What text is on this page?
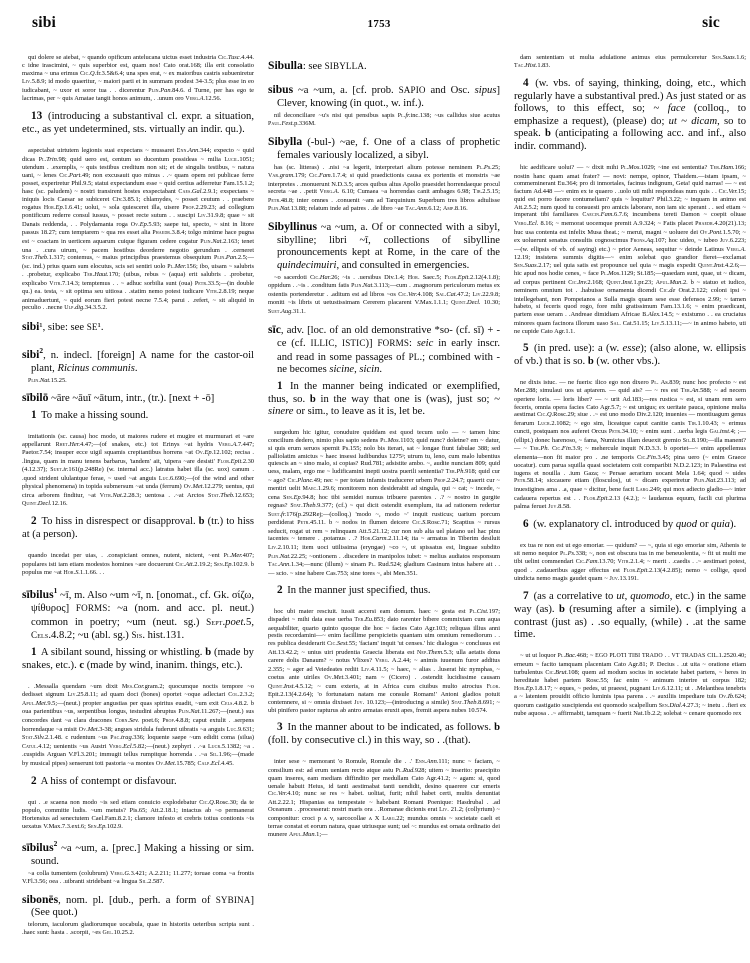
sibi	1753	sic

qui dolere se aiebat, ~ quando opificum antelucana uictus esset industria Cic.Tusc.4.44. c idne irascimini, ~ quis superbior est, quam nos! Cato orat.168; illa erit consolatio maxima ~ una erimus Cic.Q.fr.3.5&6.4; una spes erat, ~ ex maioribus castris subueniretur Liv.5.8.9; id modo quaeritur, ~ maiori parti et in summam prodest 34-3.5; plus esse in eo iudicabant, ~ uxor et soror tua . . dicerentur Plin.Pan.84.6. d Turne, per has ego te lacrimas, per ~ quis Amatae tangit honos animum, . .unum oro Verg.A.12.56.

13 (introducing a substantival cl. expr. a situation, etc., as yet undetermined, sts. virtually an indir. qu.).

aspectabat uirtutem legionis suai expectans ~ mussaret Enn.Ann.344; expecto ~ quid dicas Pl.Trin.98; quid uero est, centum so ducentum possideas ~ milia Lucil.1051; utendum . .exemplis, ~ quis testibus creditum non sit; et de singulis testibus, ~ natura uani, ~ lenes Cic.Part.49; non excusauit quo minus . .~ quam opem rei publicae ferre posset, experiretur Phil.9.5; statui expectandum esse ~ quid certius adferretur Fam.15.1.2; hasc (sc. paludem) ~ nostri transirent hostes exspectabant Caes.Gal.2.9.1; exspectans ~ iniquis locis Caesar se subiceret Civ.3.85.1; chlamydes, ~ posset ceutum . . praebere rogatus Hor.Ep.1.6.41; uolui, ~ sola quiesceret illa, uisere Prop.2.29.23; ad collegium pontificum rederre consul iussus, ~ posset recte sutum . . suscipi Liv.31.9.8; quae ~ sit Danais reddenda, . . Polydamanta roga Ov.Ep.5.93; saepe tui, specto, ~ sint in litore passus 18.27; cum temptarem ~ qua res esset alia Phaedr.3.8.4; tolgo minime hace pugna est ~ coactam in uerticem aquarum cuique figuram cedere cogatur Plin.Nat.2.163; tenet una . .cura uirum, ~ pacem hostibus deorderre negotio gerundum . .cerneret Stat.Theb.1.317; contemus, ~ maius principibus praestemus obsequium Plin.Pan.2.5;—(sc. ind.) prius quam sum elocutus, scis sei sentiri uolo Pl.Mer.156; ibo, uisam ~ salubris . .probetur, explicabo Ter.Haut.170; (uibus, rebus ~ (aqua) erit salubris . .probetur, explicabo Vitr.7.14.3; temptemus . . ~ adhuc sorbilia sunt (oua) Petr.33.5;—(in double qu.) ea. testa, ~ sit optima seu uitiosa . .statim nemo potest iudicare Vitr.2.8.19; neque animaduertunt, ~ quid eorum fieri potest necne 7.5.4; parui . .refert, ~ sit aliquid in peculio . .necne Ulp.dig.34.3.5.2.

sibi¹, sibe: see SE¹.

sibi$^2$, n. indecl. [foreign] A name for the castor-oil plant, Ricinus communis.

Plin.Nat.15.25.

sībilō ~āre ~āuī ~ātum, intr., (tr.). [next + -ō]

1 To make a hissing sound.

imitationis (sc. causa) hoc modo, ut maiores rudere et mugire et murmurari et ~are appellarunt Rhet.Her.4.47;—(of snakes, etc.) tot Erinys ~at hydris Verg.A.7.447; Paetor.7.54; insuper ecce uigil squamis crepitantibus horrens ~at Ov.Ep.12.102; recisa . .lingua, quam in manu tenens barbarus, 'tandem' ait, 'uipera ~are desisti' Flor.Epit.2.30 (4.12.37); Suet.ir.161(p.248Re) (w. internal acc.) latratus habet illa (sc. uox) canum . .quod strident ululantque ferae, ~ used ~at anguis Luc.6.690;—(of the wind and other physical phenomena) in topida submersum ~at unda (ferrum) Ov.Met.12.279; uentus, qui circa arborem finditur, ~at Vitr.Nat.2.28.3; uentosa . .~at Arctos Stat.Theb.12.653; Quint.Decl.12.16.

2 To hiss in disrespect or disapproval. b (tr.) to hiss at (a person).

quando incedat per uias, . .conspiciant omnes, nutent, nictent, ~ent Pl.Mer.407; populares isti iam etiam modestos homines ~are docuerunt Cic.Att.2.19.2; Sen.Ep.102.9. b populus me ~at Hor.S.1.1.66. . .

sībilus$^1$ ~ī, m. Also ~um ~ī, n. [onomat., cf. Gk. σίζω, ψίθυρος] FORMS: ~a (nom. and acc. pl. neut.) common in poetry; ~um (neut. sg.) Sept.poet.5, Cels.4.8.2; ~u (abl. sg.) Sis. hist.131.

1 A sibilant sound, hissing or whistling. b (made by snakes, etc.). c (made by wind, inanim. things, etc.).

. .Messalla quendam ~um dixit Mes.Cor.gram.2; quocumque noctis tempore ~o dedisset signum Liv.25.8.11; ad quam doci (bones) oportet ~oque adlectari Col.2.3.2; Apul.Met.9.5;—(neut.) propter angustias per quas spiritus euadit, ~um exit Cels.4.8.2. b oua parientibus ~us, serpentibus longus, testudini abruptus Plin.Nat.11.267;—(neut.) sus concordes dant ~a clara dracones Corn.Sev. poet.6; Prop.4.8.8; caput extulit . .serpens horrendaque ~a misit Ov.Met.3-38; angues stridula fuderunt uibratis ~a anguis Luc.9.631; Stat.Silv.2.1.48. c rudentum ~us Pac.trag.336; loquente saepe ~um edidit coma (silua) Catul.4.12; uenientis ~us Austri Verg.Ecl.5.82;—(neut.) zephyri . .~a Lucr.5.1382; ~a . .cuspidis Arguan V.Fl.3.201; immugit tellus rumpitque horrenda . .~a Sil.1.96;—(made by musical pipes) senserunt toti pastoria ~a montes Ov.Met.15.785; Calp.Ecl.4.45.

2 A hiss of contempt or disfavour.

qui . .e scaena non modo ~is sed etiam conuicio explodebatur Cic.Q.Rosc.30; da te populo, committe ludis. ~um metuis? Pis.65; Att.2.18.1; intactus ab ~o permanerat Hortensius ad senectutem Cael.Fam.8.2.1; clamore infesto et crebris totius contionis ~is uexatus V.Max.7.3.ext.6; Sen.Ep.102.9.

sībilus$^2$ ~a ~um, a. [prec.] Making a hissing or sim. sound.

~a colla tumentem (colubrum) Verg.G.3.421; A.2.211; 11.277; toruae coma ~a frontis V.Fl.3.56; oea . .uibranti stridebant ~a lingua Sil.2.587.

sibonēs, nom. pl. [dub., perh. a form of SYBINA] (See quot.)

telorum, iaculorum gladiorumque uocabula, quae in historiis ueteribus scripta sunt . .haec sunt: hasta . .scorpii, ~es Gel.10.25.2.

Sibulla: see SIBYLLA.

sibus ~a ~um, a. [cf. prob. SAPIO and Osc. sipus] Clever, knowing (in quot., w. inf.).

nil deconciliare ~u's nisi qui pensibus sapis Pl.fr.inc.138; ~us callidus siue acutus Paul.Fest.p.336M.

Sibylla (-bul-) ~ae, f. One of a class of prophetic females variously localized, a sibyl.

has (sc. litteras) . .nisi ~a legerit, interpretari alium potesse neminem Pl.Ps.25; Var.gram.179; Cic.Fam.1.7.4; si quid praedictionis causa ex portentis et monstris ~ae interpretes . .monuerunt N.D.3.5; arces quibus altus Apollo praesidet horrendaeque procul secreta ~ae . .petit Verg.A. 6.10; Cumaea ~a horrendas canit ambages 6.98; Tib.2.5.15; Petr.48.8; inter omnes . .conuenit ~am ad Tarquinium Superbum tres libros adtulisse Plin.Nat.13.88; relatum inde ad patres . .de libro ~ae Tac.Ann.6.12; Amp.8.16.

Sibyllinus ~a ~um, a. Of or connected with a sibyl, sibylline; libri ~ī, collections of sibylline pronouncements kept at Rome, in the care of the quindecimuiri, and consulted in emergencies.

~o sacerdoti Cic.Har.26; ~is . .uersibus Div.1.4; Hor. Saec.5; Flor.Epit.2.12(4.1.8); oppidum . .~is . .conditum fatis Plin.Nat.3.113;—cum . .magnorum periculorum metus ex ostentis portenderetur . .aditum est ad libros ~os Cic.Ver.4.108; Sal.Cat.47.2; Liv.22.9.8; moniti ~is libris ut uetustissimam Cererem placarent V.Max.1.1.1; Quint.Decl. 10.30; Suet.Aug.31.1.

sīc, adv. [loc. of an old demonstrative *so- (cf. sī) + -ce (cf. ILLIC, ISTIC)] FORMS: seic in early inscr. and read in some passages of PL.; combined with -ne becomes sicine, sicin.

1 In the manner being indicated or exemplified, thus, so. b in the way that one is (was), just so; ~ sinere or sim., to leave as it is, let be.

surgedum hic igitur, conuduire quiddam est quod tecum uolo — ~ tamen hinc concilium dedero, nimio plus sapio sedens Pl.Mos.1103; quid nunc? doletne? em ~ datur, si quis erum seruos spernit Ps.155; nolo bis iterari, sat ~ longae fiunt fabulae 388; sed palliolatim amictus ~ haec insessi ludibundus 1275ᵃ; utrum tu, leno, cum malo lubentius quiescis an ~ sino malo, si copias? Rud.781; adsistite ambo. ~, audite nunciam 809; quid uess, malam, ergo me ~ ludificamini inepti uostra puerili sententia? Ter.Ph.918; quid cur ~ ago? Cic.Planc.49; nec ~ per totam infamis traducerer urbem Prop.2.24.7; quaerit cur ~ mentiri uelit Maec.1.29.6; monitorem non desiderabit ad singula, qui ~ cat; ~ incede, ~ cena Sen.Ep.94.8; hoc tibi semidei numus tribuere parentes . .? ~ nostro in gurgite regnas? Stat.Theb.9.377; (cf.) ~ qui dicit ostendit exemplum, ita ad rationem redertur Suet.fr.176(p.292Rej;—(colloq.) 'modo ~, modo ~' inquit rusticus; uarium porcum perdiderat Petr.45.11. b ~ nodos in flumen deicere Cic.S.Rosc.71; Scaptius ~ rursus seducit, rogat ut rem ~ relinquam Att.5.21.12; cur non sub alta uel platano uel hac pinu iacentes ~ temere . .potamus . .? Hor.Carm.2.11.14; ita ~ armatus in Tiberim desiluit Liv.2.10.11; item uoci utilissima (eryngae) ~co ~, ut spissatus est, linguae subdito Plin.Nat.22.25; ~ontionem . .discedere in manipolos iubet: ~ melius audiatos responsum Tac.Ann.1.34;—nunc (illum) ~ sinam Pl. Rud.524; gladium Casinum intus habere ait . . — scio. ~ sine habere Cas.753; sine tores ~, abi Men.351.

2 In the manner just specified, thus.

hoc ubi mater resciuit. iussit accersi eam domum. haec ~ gesta est Pl.Cist.197; dispadet ~ mihi data esse uerba Ter.Eu.853; dato rarenter bibere commixtam cum aqua aequabiliter, quarto quinto quoque die hoc ~ facies Cato Agr.103; reliquas illius anni pestis recordamini—~ enim facillime perspicietis quantam uim omnium remediorum . . res publica desiderarit Cic.Sest.55; 'faciam' inquit 'ut censes.' hic dialogus ~ conclusus est Att.13.42.2; ~ unius uiri prudentia Graecia liberata est Nep.Them.5.3; ulla aetatis dona carere dolis Danaum? ~ notus Vlixes? Verg. A.2.44; ~ animis iuuenum furor additus 2.355; ~ ager ad Veiedeates rediit Liv.4.11.5; ~ haec, ~ alias . .luserat hic nymphas, ~ coetus ante uiriles Ov.Met.3.401; nam ~ (Cicero) . .ostendit lucidissime causam Quint.Inst.4.5.12; ~ cum exteris, at in Africa cum ciuibus multo atrocius Flor. Epit.2.13(4.2.64); 'o fortunatam natam me consule Romam!' Antoni gladios potuit contemnere, si ~ omnia dixisset Juv. 10.123;—(introducing a simile) Stat.Theb.8.691; ~ ubi pinifero pastor rapturus ab antro armatas eruxit apes, fremit aspera nubes 10.574.

3 In the manner about to be indicated, as follows. b (foll. by consecutive cl.) in this way, so . .(that).

inter sese ~ memorant 'o Romule, Romule die . .' Enn.Ann.111; nunc ~ faciam, ~ consilium est: ad erum ueniam recto atque astu Pl.Rud.928; uitem ~ inserito: praecipito quam inseres, eam mediam diffindito per medullam Cato Agr.41.2; ~ agam: si, quod uenale habuit Heius, id tanti aestimabat tanti uendidit, desino quaerere cur emeris Cic.Ver.4.10; nunc se res ~ habet. uolitat, furit; nihil habet certi, multis denuntiat Att.2.22.1; Hispanias ea tempestate ~ habebant Romani Poenique: Hasdrubal . .ad Oceanum . .processerat: nostri maris ora . .Romanae dicionis erat Liv. 21.2; (collyrium) ~ componitur: croci p ᴧ v, sarcocollae ᴧ X Larg.22; mundus omnis ~ societate caeli et terrae constat et eorum natura, quae utriusque sunt; uel ~: mundus est ornata ordinatio dei munere Apul.Mun.1;—

dam sententiam ut multa adulatione animus eius permulceretur Sen.Suas.1.6; Tac.Hist.1.83.

4 (w. vbs. of saying, thinking, doing, etc., which regularly have a substantival pred.) As just stated or as follows, to this effect, so; ~ face (colloq., to emphasize a request), (please) do; ut ~ dicam, so to speak. b (anticipating a following acc. and inf., also indir. command).

hic aedificare uolui? — ~ dixit mihi Pl.Mos.1029; ~ine est sententia? Ter.Ham.166; nostin hanc quam amat frater? — novi: nempe, opinor, Thaidem.—istam ipsam, ~ commeminerant Eu.364; pro di inmortales, facinus indignum, Geta! quid narras! — ~ est factum Ad.448 —~ enim ex te quaero . .uolo uti mihi respondeas num quis . . Cic.Ver.15; quid est porro facere contumeliam? quis ~ loquitur? Phil.3.22; ~ inquam in animo est Att.2.5.2; num quod tu consuesti pro amicis laborare, non iam sic sperant . . sed etiam ~ imperant tibi familiares Caecin.Fam.6.7.6; incumbens tereti Damon ~ coepit oliuae Verg.Ecl. 8.16; ~ memorat uocemque premit A.9.324; ~ Fatis placet Phaedr.4.20(21).13; huc usa contenta est infelix Musa theat.; ~ merui, magni ~ uoluere dei Ov.Pont.1.5.70; ~ ex uoluerunt senatus consultis cognoscimus Frons.Aq.107; hoc uideo, ~ iubeo Juv.6.223;—(w. ellipsis of vb. of saying) etc.) ~ prior Aeneas, sequitur ~ deinde Latinus Verg.A. 12.19; insistens summis digitis—~ enim solebat quo grandior fieret—exclamat Sen.Suas.2.17; uel quia satis est propounce uel quia ~ magis expedit Quint.Inst.4.2.6;—hic apud nos hodie cenes, ~ face Pl.Mos.1129; St.185;—quaedam sunt, quae, ut ~ dicam, ad corpus pertinent Cic.Inv.2.168; Quint.Inst.1.pr.23; Apul.Mun.2. b ~ statuo et iudico, neminem omnium tot . .habuisse ornamenta dicendi Cic.de Orat.2.122; coloni ipsi ~ intellegebant, non Pompeianos a Sulla magis quam sese esse defensos 2.99; ~ tamen habeto, si feceris quod rogo, fore mihi gratissimum Fam.13.1.6; ~ enim praedicant, partem esse ueram . .Andreae dimidiam Africae B.Alex.14.5; ~ existumo . . ea cruciatus minores quam facinora illorum uaso Sal. Cat.51.15; Liv.5.13.11;—~ in animo habeto, uti ne cupide Cato Agr.1.1.

5 (in pred. use): a (w. esse); (also alone, w. ellipsis of vb.) that is so. b (w. other vbs.).

ne dixis istuc. — ne fueris: ilico ego non dixero Pl. As.839; nunc hoc profecto ~ est Mer.288; simulaui uos ut aptarem. — quid ais? — ~ res est Ter.An.588; ~ ad necem operiere loris. — loris liber? — ~ urit Ad.183;—res rustica ~ est, si unam rem sero feceris, omnia opera facies Cato Agr.5.7; ~ est unigus; ex ueritate pauca, opinione multa aestimat Cic.Q.Rosc.29; siue . .~ est uno modo Div.2.120; inuenies — montiuagum genus ferarum Lucr.2.1082; ~ ego sim, liceatque caput canitie canis Tib.1.10.43; ~ erimus cuncti, postquam nos auferet Orcus Petr.34.10; ~ enim sunt . .uerba legis Gai.inst.4; ;—(ellipt.) donec harenoso, ~ fama, Numicius illam deuexit gremio Sil.8.190;—illa manent? — ~ Ter.Ph. Cic.Fin.3.9; ~ mehercule inquit N.D.3.3. b oportet—~ enim appellemus elementa—non fit maior pro . .ne temporis Cic.Fin.3.45; pina uero (~ enim Graece uocatur). cum parua squilla quasi societatem coit comparibit N.D.2.123; in Palaestina est iugens et nouilla . .ium Gaza; ~ Persae aerarium uocant Mela 1.64; quod ~ uides Petr.58.14; siccauere etiam (flosculos), ut ~ dicam experiretur Plin.Nat.23.113; ad inuestigines ama . .a, quae ~ dicitur, bene facit Larg.249; qui mox adiecto gladio—~ inter cadauera repertus est . . Flor.Epit.2.13 (4.2.); ~ laudamus equum, facili cui plurima palma feruet Juv.8.58.

6 (w. explanatory cl. introduced by quod or quia).

ex tua re non est ut ego emoriar. — quidum? — ~, quia si ego emoriar sim, Athenis te sit nemo nequior Pl.Ps.338; ~, non est obscura tua in me beneuolentia, ~ fit ut multi me tibi uelint commendari Cic.Fam.13.70; Vitr.2.1.4; ~ merit . .caedis . .~ aestimari potest, quod . .cadaueribus agger effectus est Flor.Epit.2.13(4.2.85); nemo ~ collige, quod uindicta nemo magis gaudet quam ~ Juv.13.191.

7 (as a correlative to ut, quomodo, etc.) in the same way (as). b (resuming after a simile). c (implying a contrast (just as) . .so equally, (while) . .at the same time.

~ ut ut loquor Pl.Bac.468; ~ EGO PLOTI TIBI TRADO . . VT TRADAS CIL.1.2520.40; erneum ~ facito tamquam placentam Cato Agr.81; P. Decius . .ut uita ~ oratione etiam turbulentus Cic.Brut.108; quem ad modum socius in societate habet partem, ~ heres in hereditate habet partem Rosc.55; fac enim ~ animum interire ut corpus 182; Hor.Ep.1.8.17; ~ eques, ~ pedes, ut praeest, pugnant Liv.6.12.11; ut . .Melanthea tenebris a ~ latentem prouidit officio luminis ipsa parens . .~ auxiliis impediare tuis Ov.Ib.624; quorum castigatio suscipienda est quomodo scalpellum Sen.Dial.4.27.3; ~ inetu . .fieri ex nube aquosa . .~ affirmabit, tamquam ~ fuerit Nat.1b.2.2; solebat ~ cenare quomodo rex
